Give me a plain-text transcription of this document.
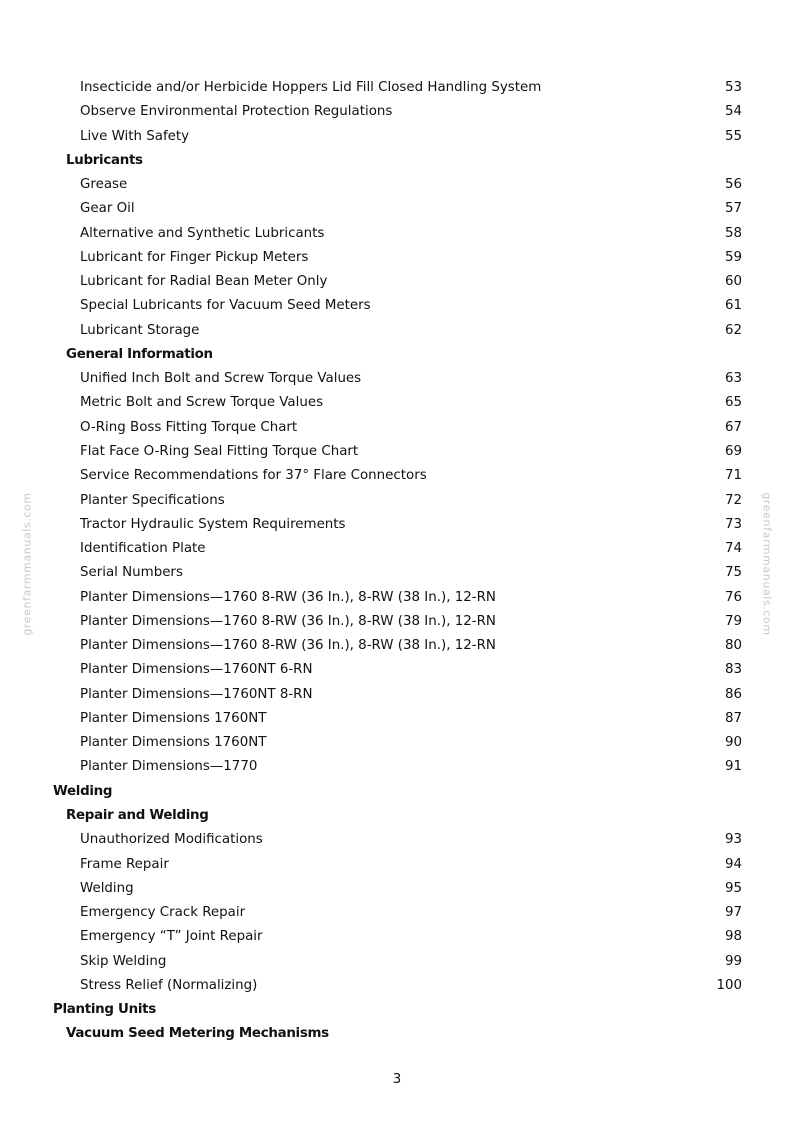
Insecticide and/or Herbicide Hoppers Lid Fill Closed Handling System	53
Observe Environmental Protection Regulations	54
Live With Safety	55
Lubricants
Grease	56
Gear Oil	57
Alternative and Synthetic Lubricants	58
Lubricant for Finger Pickup Meters	59
Lubricant for Radial Bean Meter Only	60
Special Lubricants for Vacuum Seed Meters	61
Lubricant Storage	62
General Information
Unified Inch Bolt and Screw Torque Values	63
Metric Bolt and Screw Torque Values	65
O-Ring Boss Fitting Torque Chart	67
Flat Face O-Ring Seal Fitting Torque Chart	69
Service Recommendations for 37° Flare Connectors	71
Planter Specifications	72
Tractor Hydraulic System Requirements	73
Identification Plate	74
Serial Numbers	75
Planter Dimensions—1760 8-RW (36 In.), 8-RW (38 In.), 12-RN	76
Planter Dimensions—1760 8-RW (36 In.), 8-RW (38 In.), 12-RN	79
Planter Dimensions—1760 8-RW (36 In.), 8-RW (38 In.), 12-RN	80
Planter Dimensions—1760NT 6-RN	83
Planter Dimensions—1760NT 8-RN	86
Planter Dimensions 1760NT	87
Planter Dimensions 1760NT	90
Planter Dimensions—1770	91
Welding
Repair and Welding
Unauthorized Modifications	93
Frame Repair	94
Welding	95
Emergency Crack Repair	97
Emergency “T” Joint Repair	98
Skip Welding	99
Stress Relief (Normalizing)	100
Planting Units
Vacuum Seed Metering Mechanisms
3
greenfarmmanuals.com	greenfarmmanuals.com
